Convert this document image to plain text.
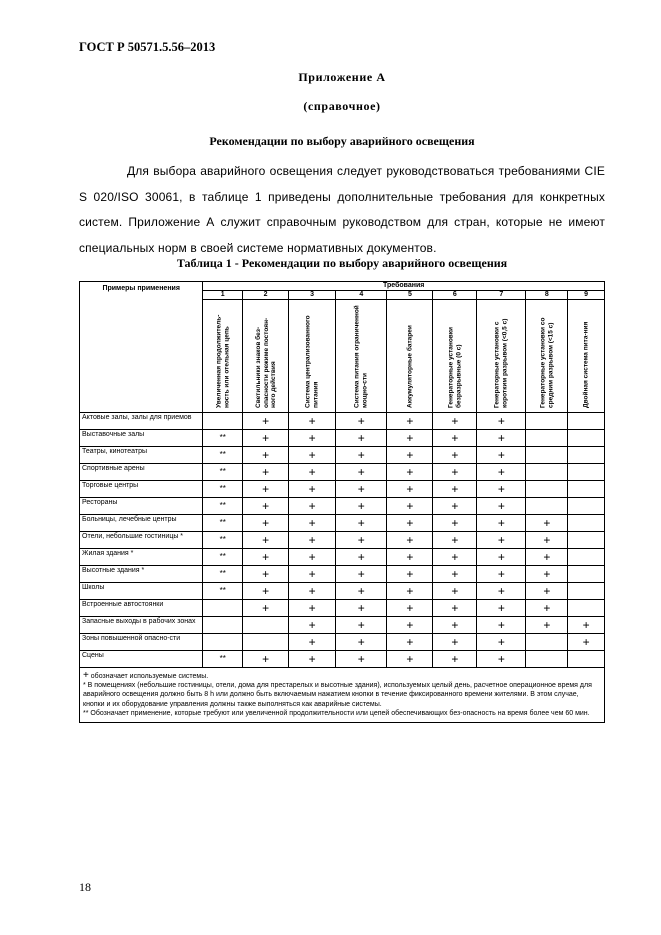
ГОСТ Р 50571.5.56–2013
Приложение А
(справочное)
Рекомендации по выбору аварийного освещения
Для выбора аварийного освещения следует руководствоваться требованиями CIE S 020/ISO 30061, в таблице 1 приведены дополнительные требования для конкретных систем. Приложение А служит справочным руководством для стран, которые не имеют специальных норм в своей системе нормативных документов.
Таблица 1 - Рекомендации по выбору аварийного освещения
Примеры применения	Требования								
	1	2	3	4	5	6	7	8	9

	Увеличенная продолжитель-ность или отельная цепь	Светильники знаков без-опасности режиме постоян-ного действия	Система централизованного питания	Система питания ограниченной мощно-сти	Аккумуляторные батареи	Генераторные установки безразрывные (0 с)	Генераторные установки с коротким разрывом (<0,5 с)	Генераторные установки со средним разрывом (<15 с)	Двойная система пита-ния

Актовые залы, залы для приемов		+	+	+	+	+	+		
Выставочные залы	**	+	+	+	+	+	+		
Театры, кинотеатры	**	+	+	+	+	+	+		
Спортивные арены	**	+	+	+	+	+	+		
Торговые центры	**	+	+	+	+	+	+		
Рестораны	**	+	+	+	+	+	+		
Больницы, лечебные центры	**	+	+	+	+	+	+	+	
Отели, небольшие гостиницы *	**	+	+	+	+	+	+	+	
Жилая здания *	**	+	+	+	+	+	+	+	
Высотные здания *	**	+	+	+	+	+	+	+	
Школы	**	+	+	+	+	+	+	+	
Встроенные автостоянки		+	+	+	+	+	+	+	
Запасные выходы в рабочих зонах			+	+	+	+	+	+	+
Зоны повышенной опасно-сти			+	+	+	+	+		+
Сцены	**	+	+	+	+	+	+		

+ обозначает используемые системы.
* В помещениях (небольшие гостиницы, отели, дома для престарелых и высотные здания), используемых целый день, расчетное операционное время для аварийного освещения должно быть 8 h или должно быть включаемым нажатием кнопки в течение фиксированного времени жителями. В этом случае, кнопки и их оборудование управления должны также выполняться как аварийные системы.
** Обозначает применение, которые требуют или увеличенной продолжительности или цепей обеспечивающих без-опасность на время более чем 60 мин.									
18
